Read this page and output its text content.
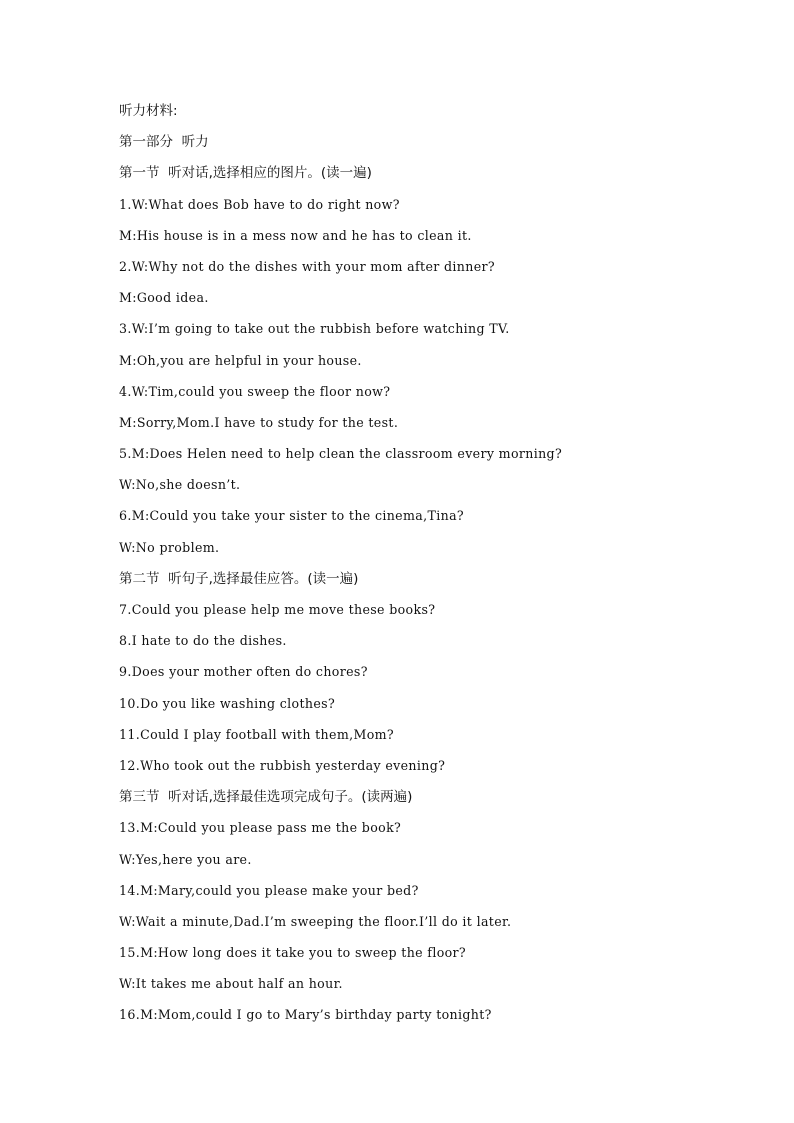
听力材料:
第一部分  听力
第一节  听对话,选择相应的图片。(读一遍)
1.W:What does Bob have to do right now?
M:His house is in a mess now and he has to clean it.
2.W:Why not do the dishes with your mom after dinner?
M:Good idea.
3.W:I’m going to take out the rubbish before watching TV.
M:Oh,you are helpful in your house.
4.W:Tim,could you sweep the floor now?
M:Sorry,Mom.I have to study for the test.
5.M:Does Helen need to help clean the classroom every morning?
W:No,she doesn’t.
6.M:Could you take your sister to the cinema,Tina?
W:No problem.
第二节  听句子,选择最佳应答。(读一遍)
7.Could you please help me move these books?
8.I hate to do the dishes.
9.Does your mother often do chores?
10.Do you like washing clothes?
11.Could I play football with them,Mom?
12.Who took out the rubbish yesterday evening?
第三节  听对话,选择最佳选项完成句子。(读两遍)
13.M:Could you please pass me the book?
W:Yes,here you are.
14.M:Mary,could you please make your bed?
W:Wait a minute,Dad.I’m sweeping the floor.I’ll do it later.
15.M:How long does it take you to sweep the floor?
W:It takes me about half an hour.
16.M:Mom,could I go to Mary’s birthday party tonight?
